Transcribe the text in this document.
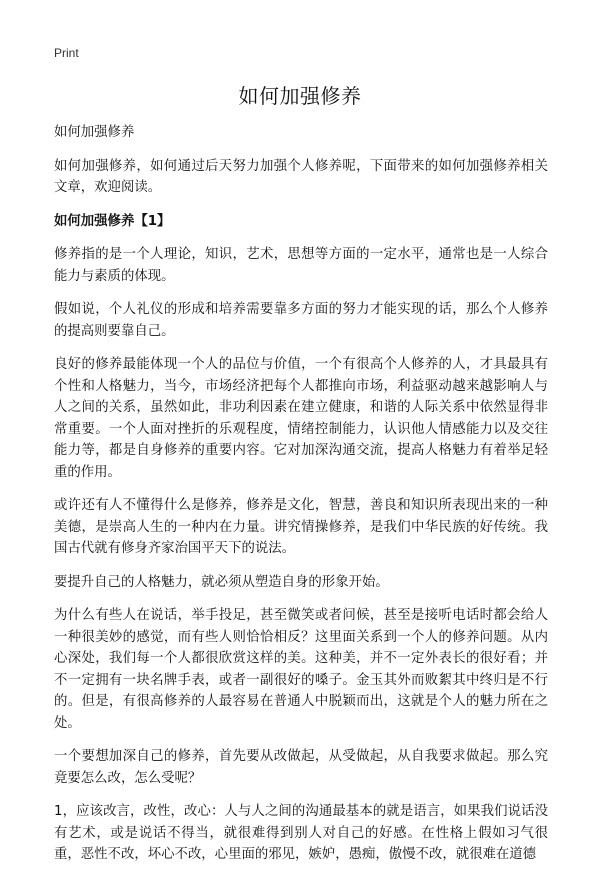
Print
如何加强修养

如何加强修养

如何加强修养，如何通过后天努力加强个人修养呢，下面带来的如何加强修养相关文章，欢迎阅读。

如何加强修养【1】

修养指的是一个人理论，知识，艺术，思想等方面的一定水平，通常也是一人综合能力与素质的体现。

假如说，个人礼仪的形成和培养需要靠多方面的努力才能实现的话，那么个人修养的提高则要靠自己。

良好的修养最能体现一个人的品位与价值，一个有很高个人修养的人，才具最具有个性和人格魅力，当今，市场经济把每个人都推向市场，利益驱动越来越影响人与人之间的关系，虽然如此，非功利因素在建立健康，和谐的人际关系中依然显得非常重要。一个人面对挫折的乐观程度，情绪控制能力，认识他人情感能力以及交往能力等，都是自身修养的重要内容。它对加深沟通交流，提高人格魅力有着举足轻重的作用。

或许还有人不懂得什么是修养，修养是文化，智慧，善良和知识所表现出来的一种美德，是崇高人生的一种内在力量。讲究情操修养，是我们中华民族的好传统。我国古代就有修身齐家治国平天下的说法。

要提升自己的人格魅力，就必须从塑造自身的形象开始。

为什么有些人在说话，举手投足，甚至微笑或者问候，甚至是接听电话时都会给人一种很美妙的感觉，而有些人则恰恰相反？这里面关系到一个人的修养问题。从内心深处，我们每一个人都很欣赏这样的美。这种美，并不一定外表长的很好看；并不一定拥有一块名牌手表，或者一副很好的嗓子。金玉其外而败絮其中终归是不行的。但是，有很高修养的人最容易在普通人中脱颖而出，这就是个人的魅力所在之处。

一个要想加深自己的修养，首先要从改做起，从受做起，从自我要求做起。那么究竟要怎么改，怎么受呢？

1，应该改言，改性，改心：人与人之间的沟通最基本的就是语言，如果我们说话没有艺术，或是说话不得当，就很难得到别人对自己的好感。在性格上假如习气很重，恶性不改，坏心不改，心里面的邪见，嫉妒，愚痴，傲慢不改，就很难在道德
